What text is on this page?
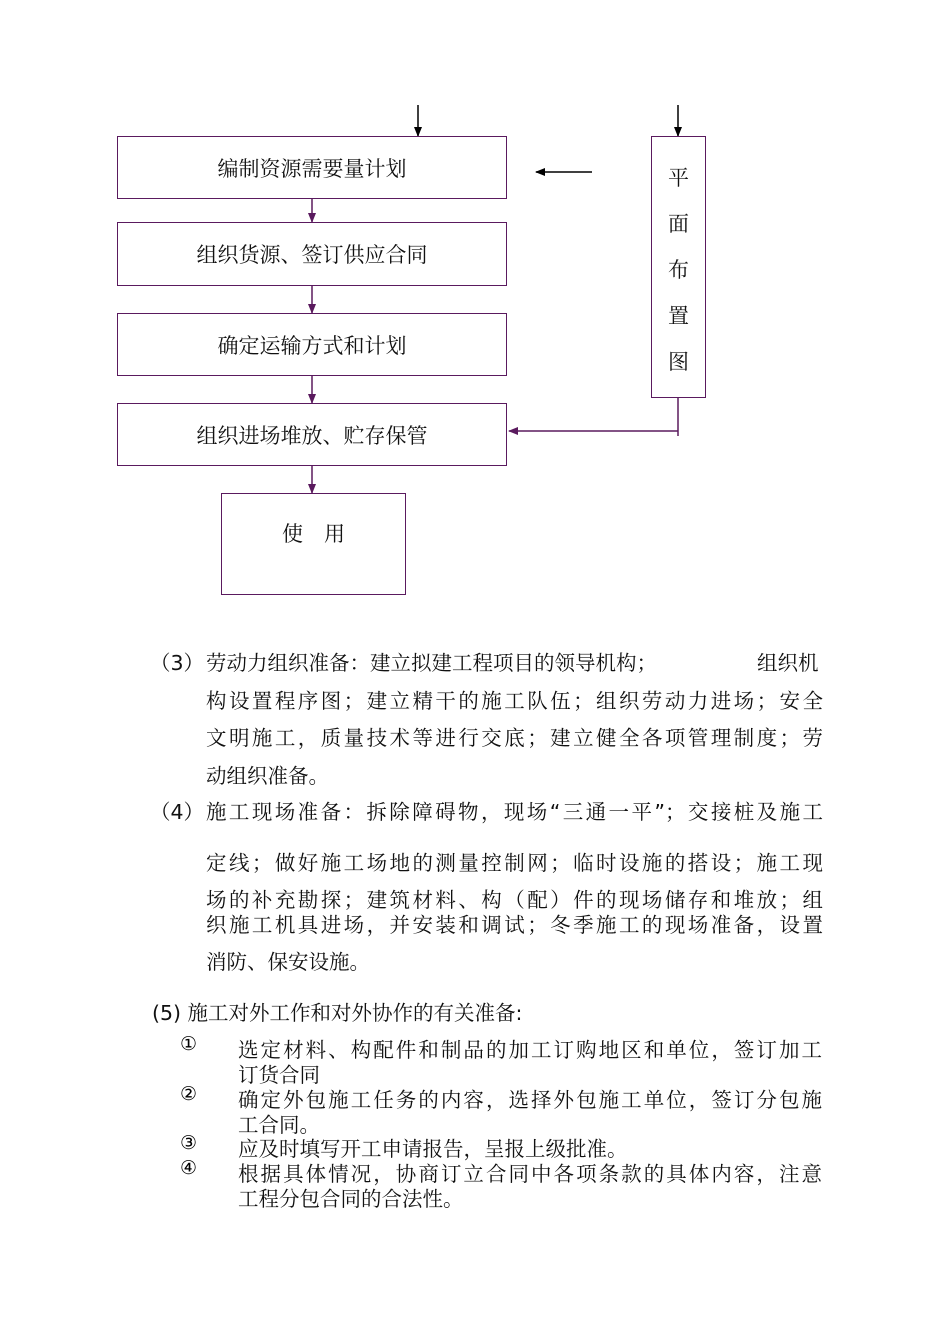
编制资源需要量计划
组织货源、签订供应合同
确定运输方式和计划
组织进场堆放、贮存保管
使　用
平
面
布
置
图
（3） 劳动力组织准备：建立拟建工程项目的领导机构；	组织机
构设置程序图；建立精干的施工队伍；组织劳动力进场；安全
文明施工，质量技术等进行交底；建立健全各项管理制度；劳
动组织准备。
（4） 施工现场准备：拆除障碍物，现场“三通一平”；交接桩及施工
定线；做好施工场地的测量控制网；临时设施的搭设；施工现
场的补充勘探；建筑材料、构（配）件的现场储存和堆放；组
织施工机具进场，并安装和调试；冬季施工的现场准备，设置
消防、保安设施。
(5) 施工对外工作和对外协作的有关准备:
① 选定材料、构配件和制品的加工订购地区和单位，签订加工
订货合同
② 确定外包施工任务的内容，选择外包施工单位，签订分包施
工合同。
③ 应及时填写开工申请报告，呈报上级批准。
④ 根据具体情况，协商订立合同中各项条款的具体内容，注意
工程分包合同的合法性。
